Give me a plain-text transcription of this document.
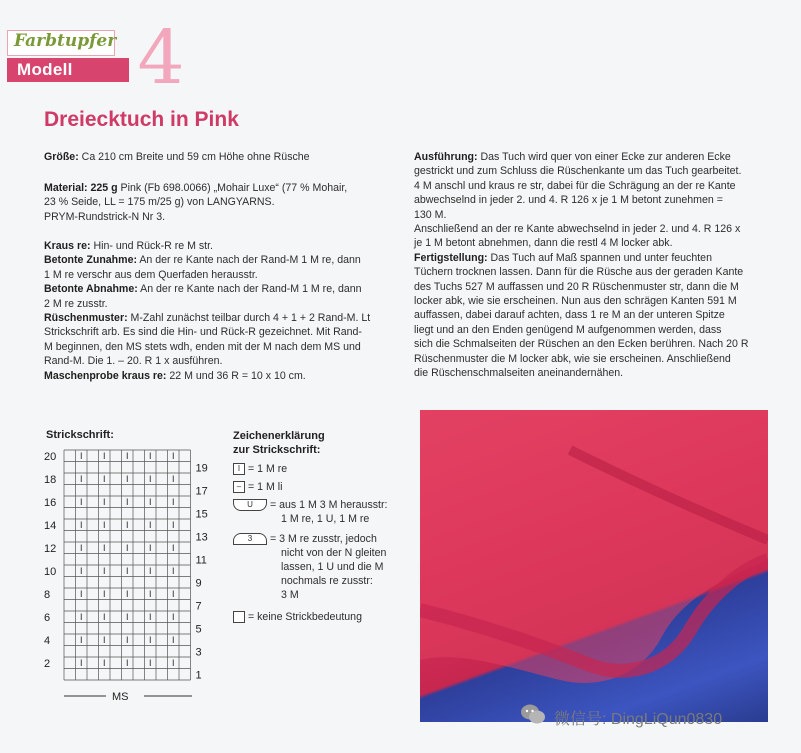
Farbtupfer
Modell 4
Dreiecktuch in Pink
Größe: Ca 210 cm Breite und 59 cm Höhe ohne Rüsche
Material: 225 g Pink (Fb 698.0066) „Mohair Luxe“ (77 % Mohair,
23 % Seide, LL = 175 m/25 g) von LANGYARNS.
PRYM-Rundstrick-N Nr 3.
Kraus re: Hin- und Rück-R re M str.
Betonte Zunahme: An der re Kante nach der Rand-M 1 M re, dann
1 M re verschr aus dem Querfaden herausstr.
Betonte Abnahme: An der re Kante nach der Rand-M 1 M re, dann
2 M re zusstr.
Rüschenmuster: M-Zahl zunächst teilbar durch 4 + 1 + 2 Rand-M. Lt
Strickschrift arb. Es sind die Hin- und Rück-R gezeichnet. Mit Rand-
M beginnen, den MS stets wdh, enden mit der M nach dem MS und
Rand-M. Die 1. – 20. R 1 x ausführen.
Maschenprobe kraus re: 22 M und 36 R = 10 x 10 cm.
Ausführung: Das Tuch wird quer von einer Ecke zur anderen Ecke
gestrickt und zum Schluss die Rüschenkante um das Tuch gearbeitet.
4 M anschl und kraus re str, dabei für die Schrägung an der re Kante
abwechselnd in jeder 2. und 4. R 126 x je 1 M betont zunehmen =
130 M.
Anschließend an der re Kante abwechselnd in jeder 2. und 4. R 126 x
je 1 M betont abnehmen, dann die restl 4 M locker abk.
Fertigstellung: Das Tuch auf Maß spannen und unter feuchten
Tüchern trocknen lassen. Dann für die Rüsche aus der geraden Kante
des Tuchs 527 M auffassen und 20 R Rüschenmuster str, dann die M
locker abk, wie sie erscheinen. Nun aus den schrägen Kanten 591 M
auffassen, dabei darauf achten, dass 1 re M an der unteren Spitze
liegt und an den Enden genügend M aufgenommen werden, dass
sich die Schmalseiten der Rüschen an den Ecken berühren. Nach 20 R
Rüschenmuster die M locker abk, wie sie erscheinen. Anschließend
die Rüschenschmalseiten aneinandernähen.
Strickschrift:
20
18
16
14
12
10
8
6
4
2
19
17
15
13
11
9
7
5
3
1
MS
Zeichenerklärung
zur Strickschrift:
I = 1 M re
– = 1 M li
U = aus 1 M 3 M herausstr:
1 M re, 1 U, 1 M re
3 = 3 M re zusstr, jedoch
nicht von der N gleiten
lassen, 1 U und die M
nochmals re zusstr:
3 M
= keine Strickbedeutung
微信号: DingLiQun0830
